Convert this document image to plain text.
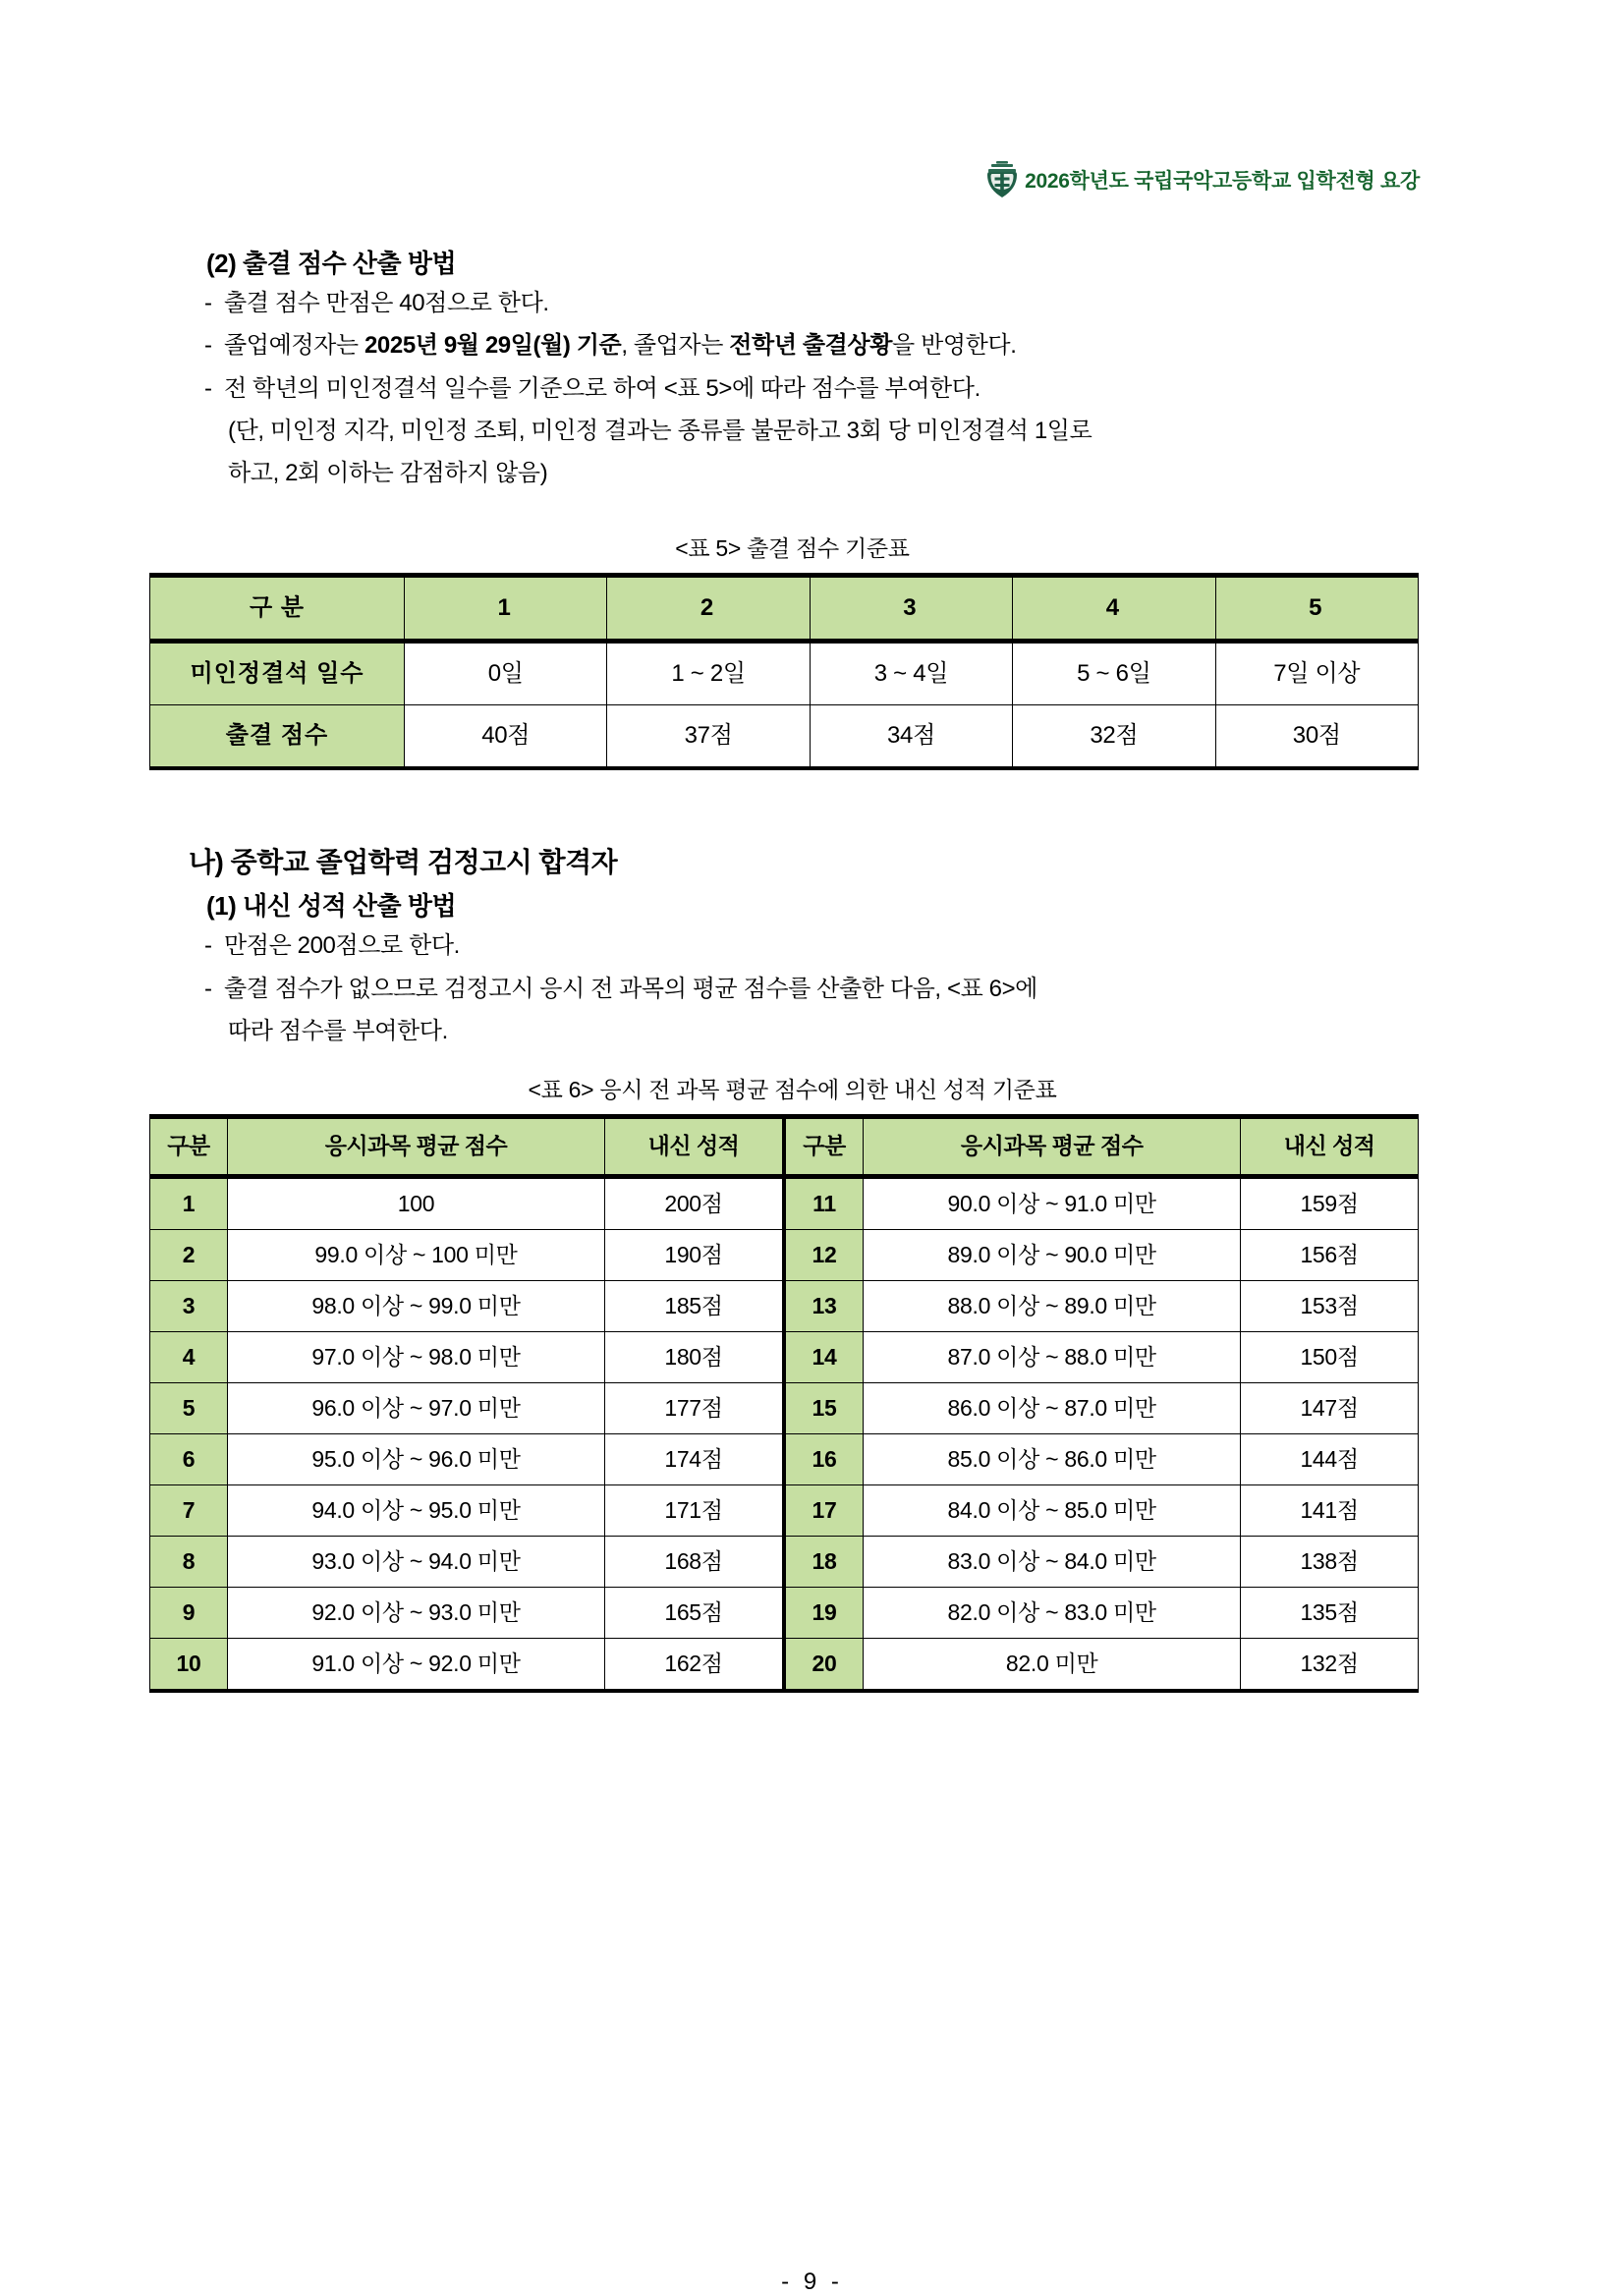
2026학년도 국립국악고등학교 입학전형 요강
(2) 출결 점수 산출 방법

- 출결 점수 만점은 40점으로 한다.

- 졸업예정자는 2025년 9월 29일(월) 기준, 졸업자는 전학년 출결상황을 반영한다.

- 전 학년의 미인정결석 일수를 기준으로 하여 <표 5>에 따라 점수를 부여한다.

(단, 미인정 지각, 미인정 조퇴, 미인정 결과는 종류를 불문하고 3회 당 미인정결석 1일로

하고, 2회 이하는 감점하지 않음)

<표 5> 출결 점수 기준표

구 분	1	2	3	4	5
미인정결석 일수	0일	1 ~ 2일	3 ~ 4일	5 ~ 6일	7일 이상
출결 점수	40점	37점	34점	32점	30점
나) 중학교 졸업학력 검정고시 합격자
(1) 내신 성적 산출 방법

- 만점은 200점으로 한다.

- 출결 점수가 없으므로 검정고시 응시 전 과목의 평균 점수를 산출한 다음, <표 6>에

따라 점수를 부여한다.

<표 6> 응시 전 과목 평균 점수에 의한 내신 성적 기준표

구분	응시과목 평균 점수	내신 성적	구분	응시과목 평균 점수	내신 성적
1	100	200점	11	90.0 이상 ~ 91.0 미만	159점
2	99.0 이상 ~ 100 미만	190점	12	89.0 이상 ~ 90.0 미만	156점
3	98.0 이상 ~ 99.0 미만	185점	13	88.0 이상 ~ 89.0 미만	153점
4	97.0 이상 ~ 98.0 미만	180점	14	87.0 이상 ~ 88.0 미만	150점
5	96.0 이상 ~ 97.0 미만	177점	15	86.0 이상 ~ 87.0 미만	147점
6	95.0 이상 ~ 96.0 미만	174점	16	85.0 이상 ~ 86.0 미만	144점
7	94.0 이상 ~ 95.0 미만	171점	17	84.0 이상 ~ 85.0 미만	141점
8	93.0 이상 ~ 94.0 미만	168점	18	83.0 이상 ~ 84.0 미만	138점
9	92.0 이상 ~ 93.0 미만	165점	19	82.0 이상 ~ 83.0 미만	135점
10	91.0 이상 ~ 92.0 미만	162점	20	82.0 미만	132점
- 9 -
